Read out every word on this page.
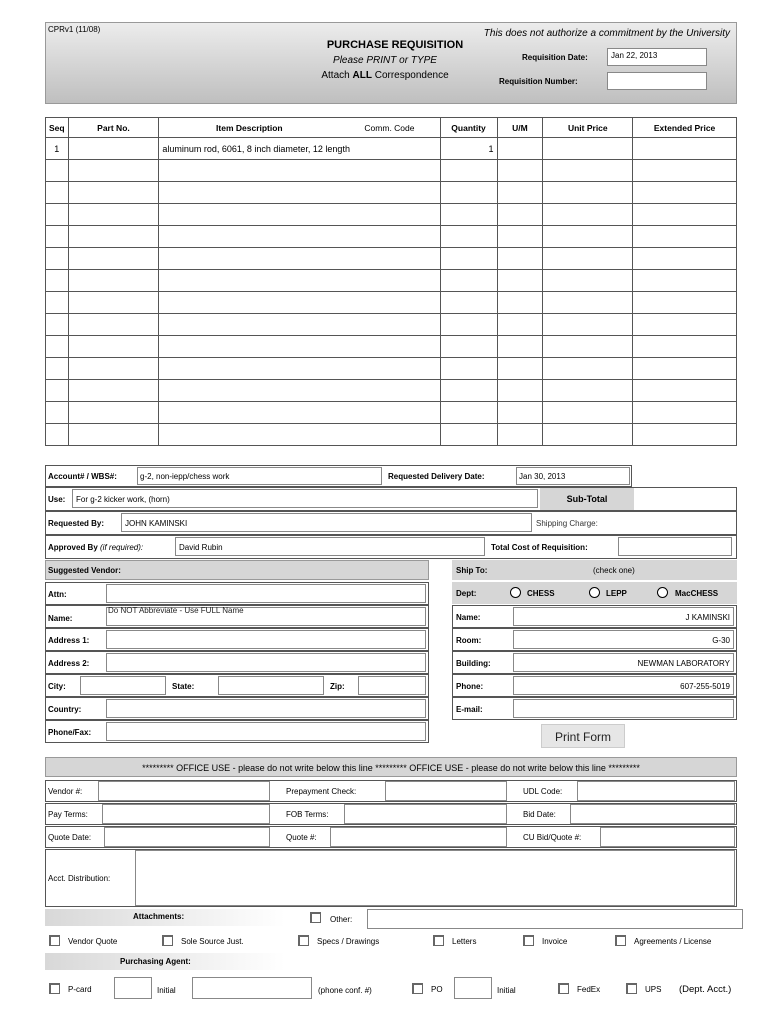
CPRv1 (11/08)	This does not authorize a commitment by the University
PURCHASE REQUISITION
Please PRINT or TYPE
Attach ALL Correspondence
Requisition Date:	Jan 22, 2013
Requisition Number:
Seq	Part No.	Item Description	Comm. Code	Quantity	U/M	Unit Price	Extended Price
1		aluminum rod, 6061, 8 inch diameter, 12 length		1			

Account# / WBS#:	g-2, non-iepp/chess work	Requested Delivery Date:	Jan 30, 2013
Use: For g-2 kicker work, (horn)	Sub-Total
Requested By:	JOHN KAMINSKI	Shipping Charge:
Approved By (if required):	David Rubin	Total Cost of Requisition:
Suggested Vendor:
Attn:
Name:
Do NOT Abbreviate - Use FULL Name
Address 1:
Address 2:
City:	State:	Zip:
Country:
Phone/Fax:
Ship To:	(check one)
Dept:	CHESS	LEPP	MacCHESS
Name:	J KAMINSKI
Room:	G-30
Building:	NEWMAN LABORATORY
Phone:	607-255-5019
E-mail:
Print Form
********* OFFICE USE - please do not write below this line ********* OFFICE USE - please do not write below this line *********
Vendor #:	Prepayment Check:	UDL Code:
Pay Terms:	FOB Terms:	Bid Date:
Quote Date:	Quote #:	CU Bid/Quote #:
Acct. Distribution:
Attachments:	Other:
Vendor Quote	Sole Source Just.	Specs / Drawings	Letters	Invoice	Agreements / License
Purchasing Agent:
P-card	Initial	(phone conf. #)	PO	Initial	FedEx	UPS (Dept. Acct.)
